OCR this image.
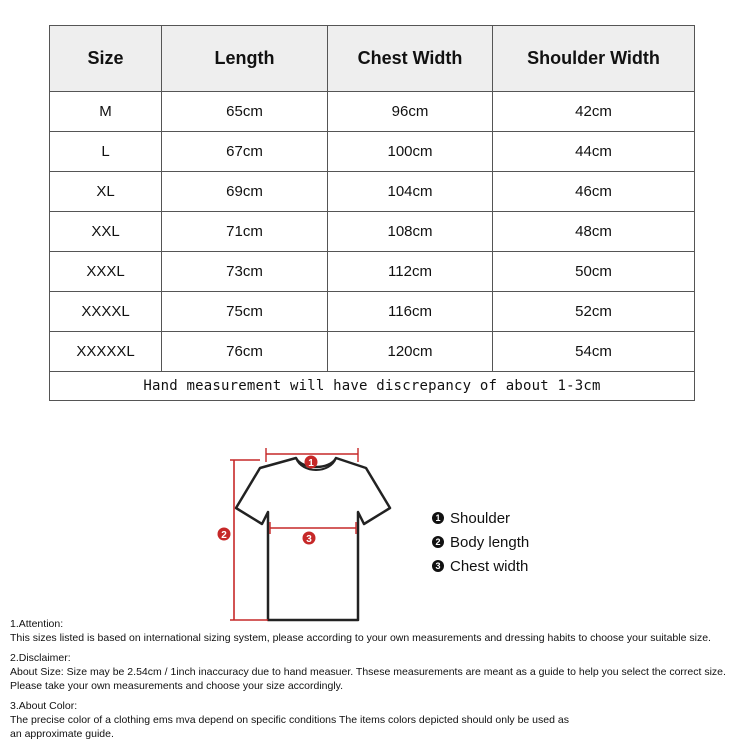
Size	Length	Chest Width	Shoulder Width
M	65cm	96cm	42cm
L	67cm	100cm	44cm
XL	69cm	104cm	46cm
XXL	71cm	108cm	48cm
XXXL	73cm	112cm	50cm
XXXXL	75cm	116cm	52cm
XXXXXL	76cm	120cm	54cm
Hand measurement will have discrepancy of about 1-3cm			
1
2	3
1 Shoulder
2 Body length
3 Chest width

1.Attention:

This sizes listed is based on international sizing system, please according to your own measurements and dressing habits to choose your suitable size.

2.Disclaimer:

About Size: Size may be 2.54cm / 1inch inaccuracy due to hand measuer. Thsese measurements are meant as a guide to help you select the correct size.

Please take your own measurements and choose your size accordingly.

3.About Color:

The precise color of a clothing ems mva depend on specific conditions The items colors depicted should only be used as

an approximate guide.
